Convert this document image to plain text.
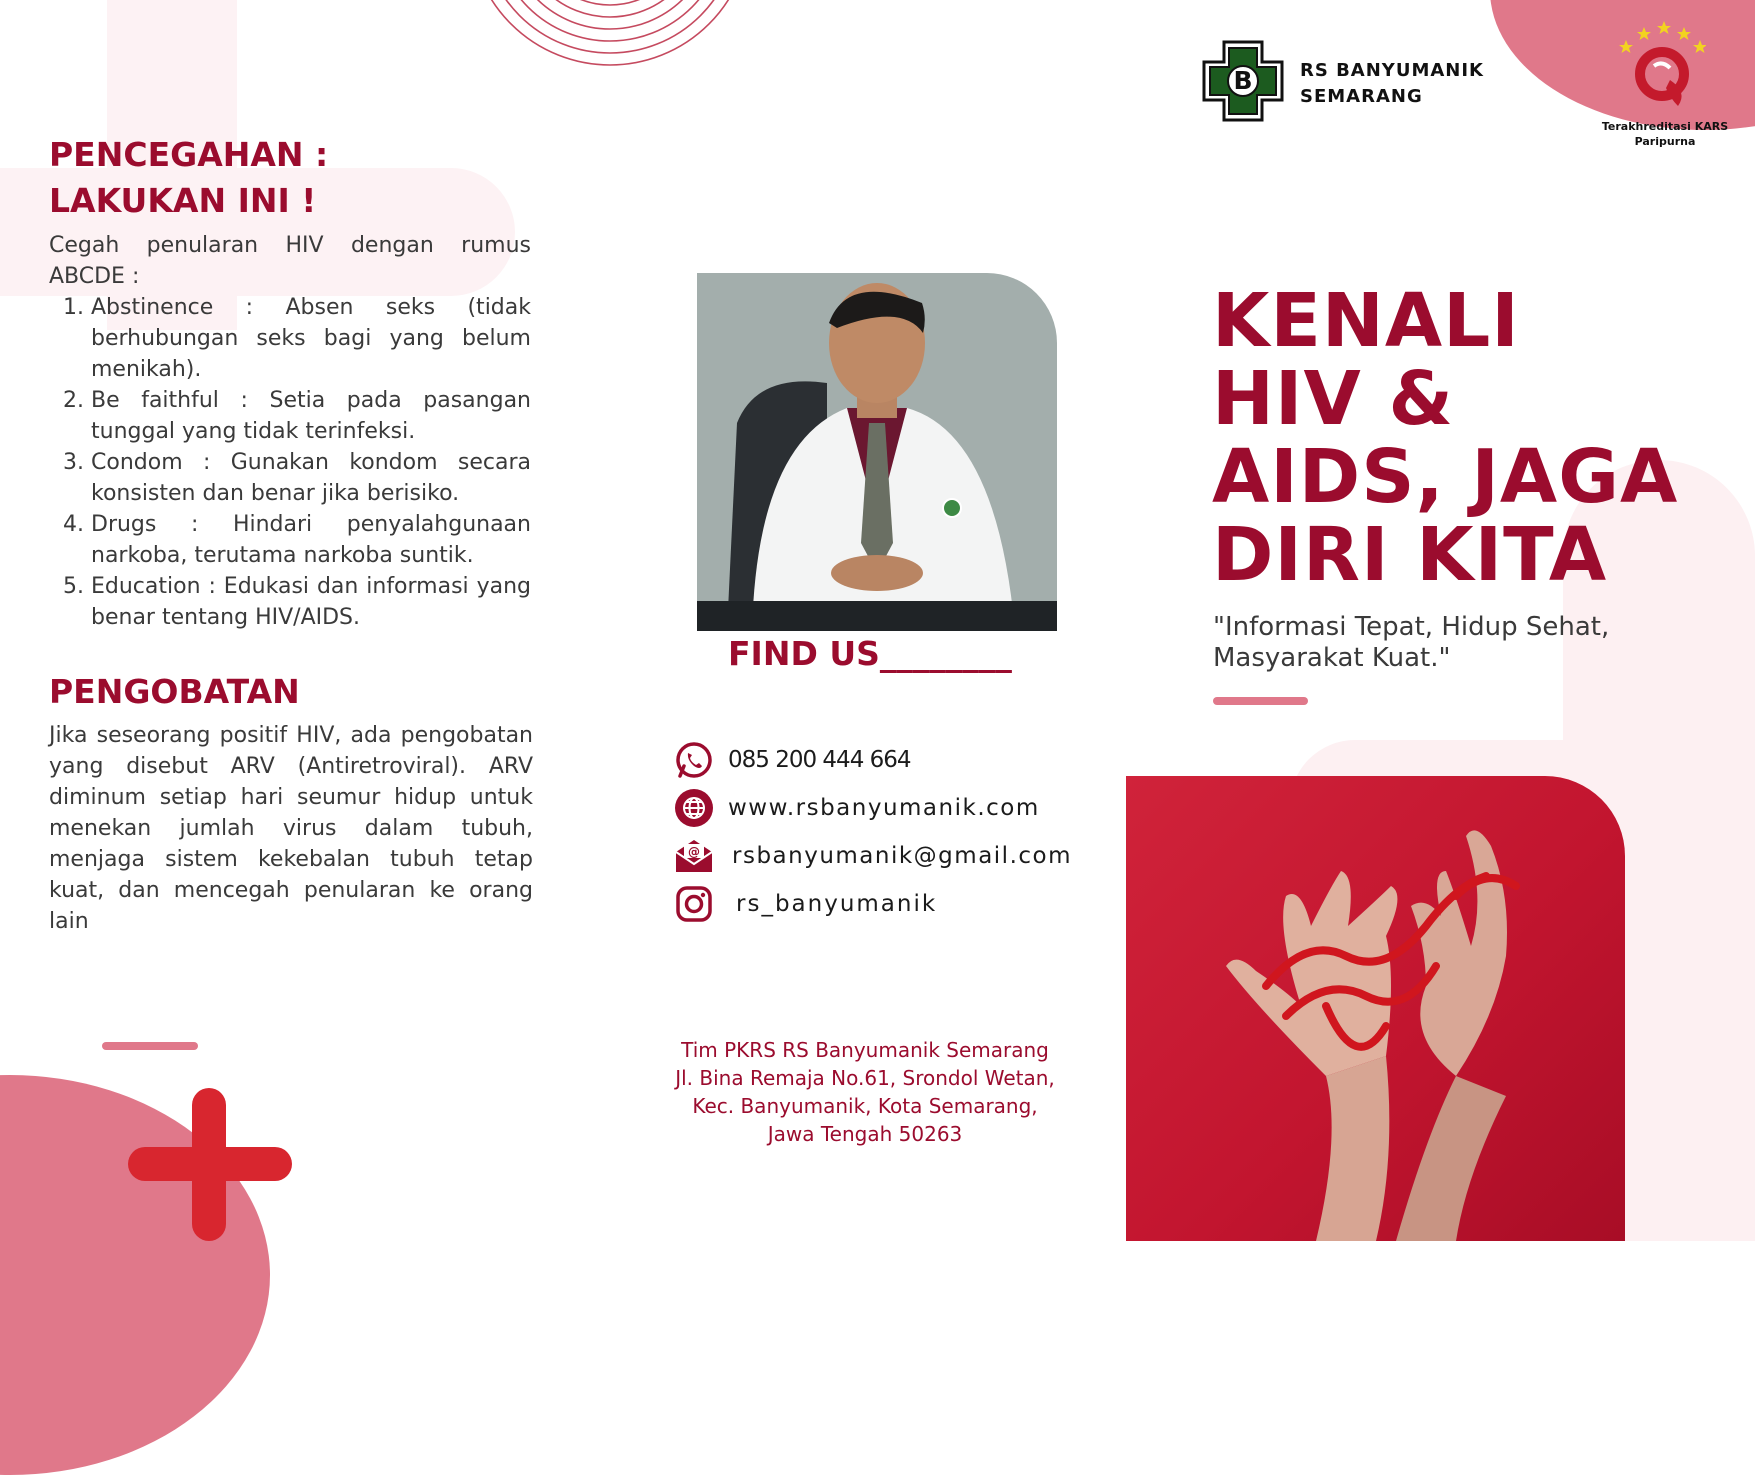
B	RS BANYUMANIK
SEMARANG
Terakhreditasi KARS
Paripurna
PENCEGAHAN :
LAKUKAN INI !
Cegah penularan HIV dengan rumus ABCDE :
1. Abstinence : Absen seks (tidak berhubungan seks bagi yang belum menikah).
2. Be faithful : Setia pada pasangan tunggal yang tidak terinfeksi.
3. Condom : Gunakan kondom secara konsisten dan benar jika berisiko.
4. Drugs : Hindari penyalahgunaan narkoba, terutama narkoba suntik.
5. Education : Edukasi dan informasi yang benar tentang HIV/AIDS.
PENGOBATAN
Jika seseorang positif HIV, ada pengobatan yang disebut ARV (Antiretroviral). ARV diminum setiap hari seumur hidup untuk menekan jumlah virus dalam tubuh, menjaga sistem kekebalan tubuh tetap kuat, dan mencegah penularan ke orang lain
FIND US________
085 200 444 664
www.rsbanyumanik.com
@ rsbanyumanik@gmail.com
rs_banyumanik
Tim PKRS RS Banyumanik Semarang
Jl. Bina Remaja No.61, Srondol Wetan,
Kec. Banyumanik, Kota Semarang,
Jawa Tengah 50263
KENALI
HIV &
AIDS, JAGA
DIRI KITA
"Informasi Tepat, Hidup Sehat,
Masyarakat Kuat."
